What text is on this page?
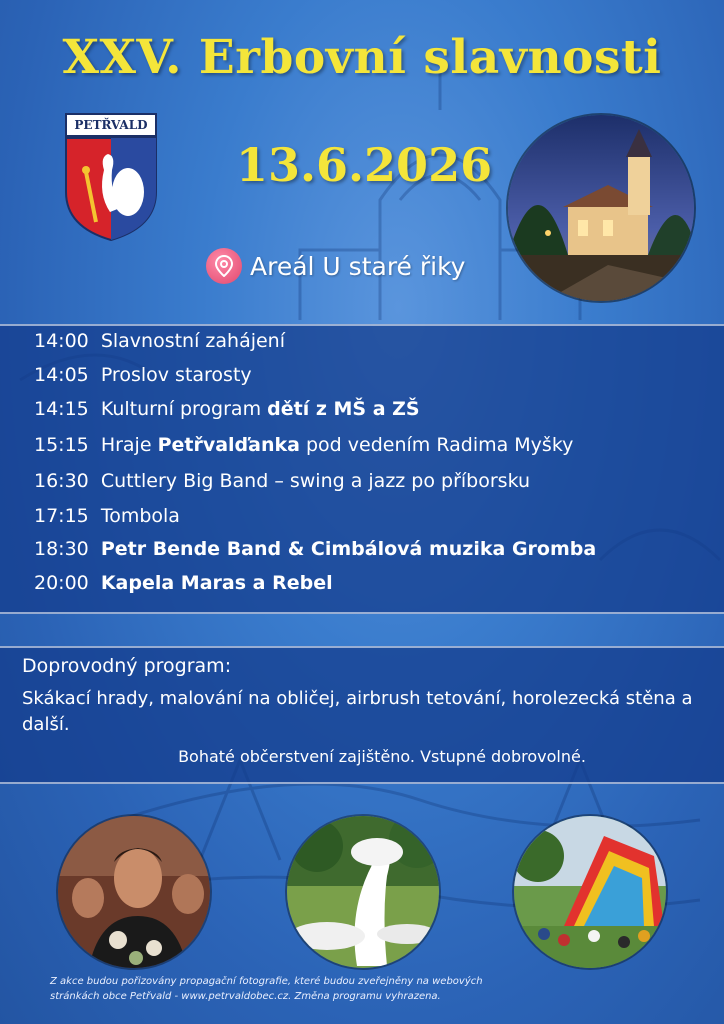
XXV. Erbovní slavnosti
PETŘVALD
13.6.2026
Areál U staré řiky
14:00 Slavnostní zahájení
14:05 Proslov starosty
14:15 Kulturní program dětí z MŠ a ZŠ
15:15 Hraje Petřvalďanka pod vedením Radima Myšky
16:30 Cuttlery Big Band – swing a jazz po příborsku
17:15 Tombola
18:30 Petr Bende Band & Cimbálová muzika Gromba
20:00 Kapela Maras a Rebel
Doprovodný program:
Skákací hrady, malování na obličej, airbrush tetování, horolezecká stěna a další.
Bohaté občerstvení zajištěno. Vstupné dobrovolné.
Z akce budou pořizovány propagační fotografie, které budou zveřejněny na webových
stránkách obce Petřvald - www.petrvaldobec.cz. Změna programu vyhrazena.
